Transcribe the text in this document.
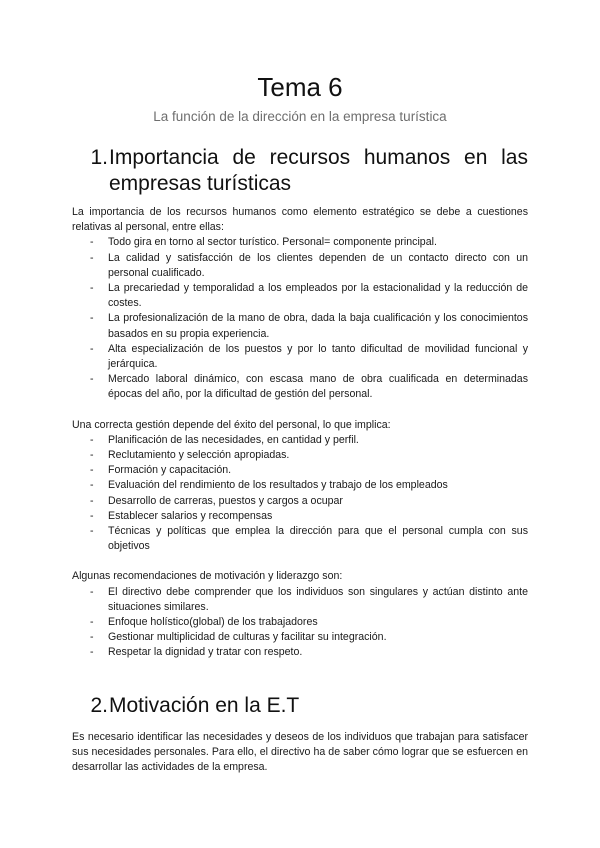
Tema 6
La función de la dirección en la empresa turística
1. Importancia de recursos humanos en las empresas turísticas

La importancia de los recursos humanos como elemento estratégico se debe a cuestiones relativas al personal, entre ellas:

- Todo gira en torno al sector turístico. Personal= componente principal.
- La calidad y satisfacción de los clientes dependen de un contacto directo con un personal cualificado.
- La precariedad y temporalidad a los empleados por la estacionalidad y la reducción de costes.
- La profesionalización de la mano de obra, dada la baja cualificación y los conocimientos basados en su propia experiencia.
- Alta especialización de los puestos y por lo tanto dificultad de movilidad funcional y jerárquica.
- Mercado laboral dinámico, con escasa mano de obra cualificada en determinadas épocas del año, por la dificultad de gestión del personal.

Una correcta gestión depende del éxito del personal, lo que implica:

- Planificación de las necesidades, en cantidad y perfil.
- Reclutamiento y selección apropiadas.
- Formación y capacitación.
- Evaluación del rendimiento de los resultados y trabajo de los empleados
- Desarrollo de carreras, puestos y cargos a ocupar
- Establecer salarios y recompensas
- Técnicas y políticas que emplea la dirección para que el personal cumpla con sus objetivos

Algunas recomendaciones de motivación y liderazgo son:

- El directivo debe comprender que los individuos son singulares y actúan distinto ante situaciones similares.
- Enfoque holístico(global) de los trabajadores
- Gestionar multiplicidad de culturas y facilitar su integración.
- Respetar la dignidad y tratar con respeto.
2. Motivación en la E.T

Es necesario identificar las necesidades y deseos de los individuos que trabajan para satisfacer sus necesidades personales. Para ello, el directivo ha de saber cómo lograr que se esfuercen en desarrollar las actividades de la empresa.
